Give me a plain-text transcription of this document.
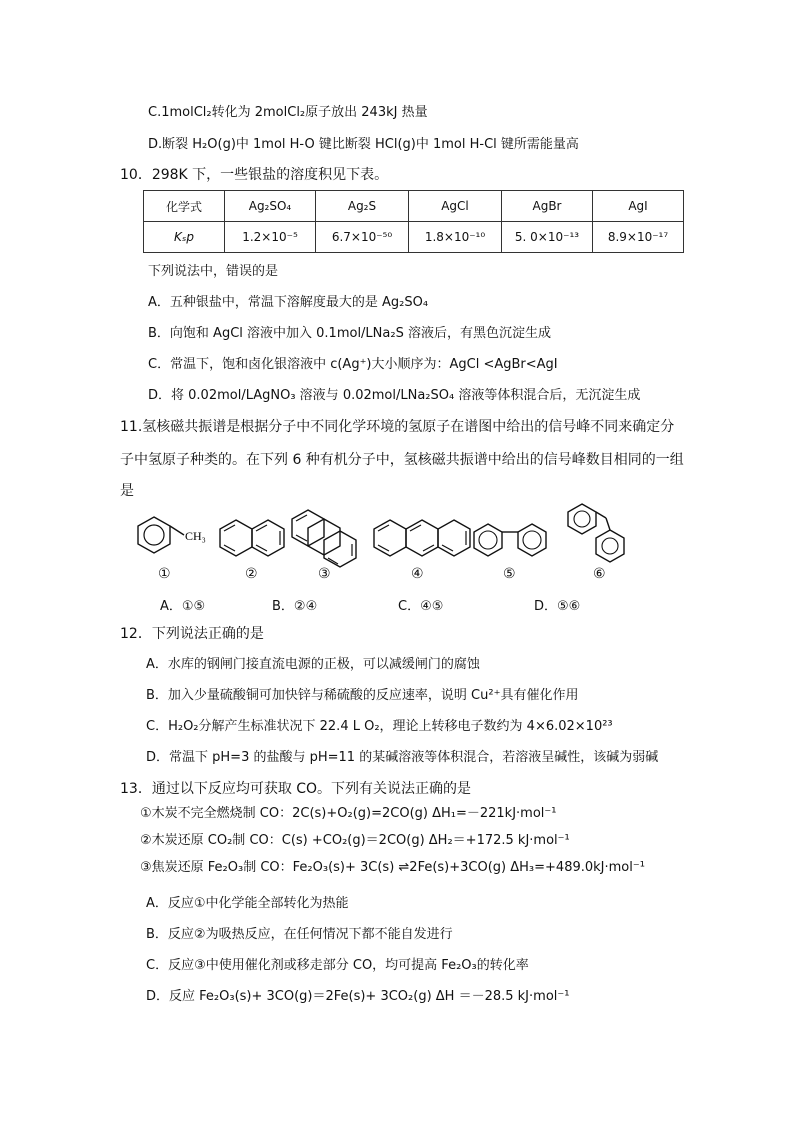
C.1molCl₂转化为 2molCl₂原子放出 243kJ 热量
D.断裂 H₂O(g)中 1mol H-O 键比断裂 HCl(g)中 1mol H-Cl 键所需能量高
10．298K 下，一些银盐的溶度积见下表。
化学式	Ag₂SO₄	Ag₂S	AgCl	AgBr	AgI
Kₛp	1.2×10⁻⁵	6.7×10⁻⁵⁰	1.8×10⁻¹⁰	5. 0×10⁻¹³	8.9×10⁻¹⁷
下列说法中，错误的是
A．五种银盐中，常温下溶解度最大的是 Ag₂SO₄
B．向饱和 AgCl 溶液中加入 0.1mol/LNa₂S 溶液后，有黑色沉淀生成
C．常温下，饱和卤化银溶液中 c(Ag⁺)大小顺序为：AgCl <AgBr<AgI
D．将 0.02mol/LAgNO₃ 溶液与 0.02mol/LNa₂SO₄ 溶液等体积混合后，无沉淀生成
11.氢核磁共振谱是根据分子中不同化学环境的氢原子在谱图中给出的信号峰不同来确定分
子中氢原子种类的。在下列 6 种有机分子中，氢核磁共振谱中给出的信号峰数目相同的一组
是
CH₃
①	②	③	④	⑤	⑥
A．①⑤	B．②④	C．④⑤	D．⑤⑥
12．下列说法正确的是
A．水库的钢闸门接直流电源的正极，可以减缓闸门的腐蚀
B．加入少量硫酸铜可加快锌与稀硫酸的反应速率，说明 Cu²⁺具有催化作用
C．H₂O₂分解产生标准状况下 22.4 L O₂，理论上转移电子数约为 4×6.02×10²³
D．常温下 pH=3 的盐酸与 pH=11 的某碱溶液等体积混合，若溶液呈碱性，该碱为弱碱
13．通过以下反应均可获取 CO。下列有关说法正确的是
①木炭不完全燃烧制 CO：2C(s)+O₂(g)=2CO(g) ΔH₁=－221kJ·mol⁻¹
②木炭还原 CO₂制 CO：C(s) +CO₂(g)＝2CO(g) ΔH₂＝+172.5 kJ·mol⁻¹
③焦炭还原 Fe₂O₃制 CO：Fe₂O₃(s)+ 3C(s) ⇌2Fe(s)+3CO(g) ΔH₃=+489.0kJ·mol⁻¹
A．反应①中化学能全部转化为热能
B．反应②为吸热反应，在任何情况下都不能自发进行
C．反应③中使用催化剂或移走部分 CO，均可提高 Fe₂O₃的转化率
D．反应 Fe₂O₃(s)+ 3CO(g)＝2Fe(s)+ 3CO₂(g) ΔH ＝－28.5 kJ·mol⁻¹
